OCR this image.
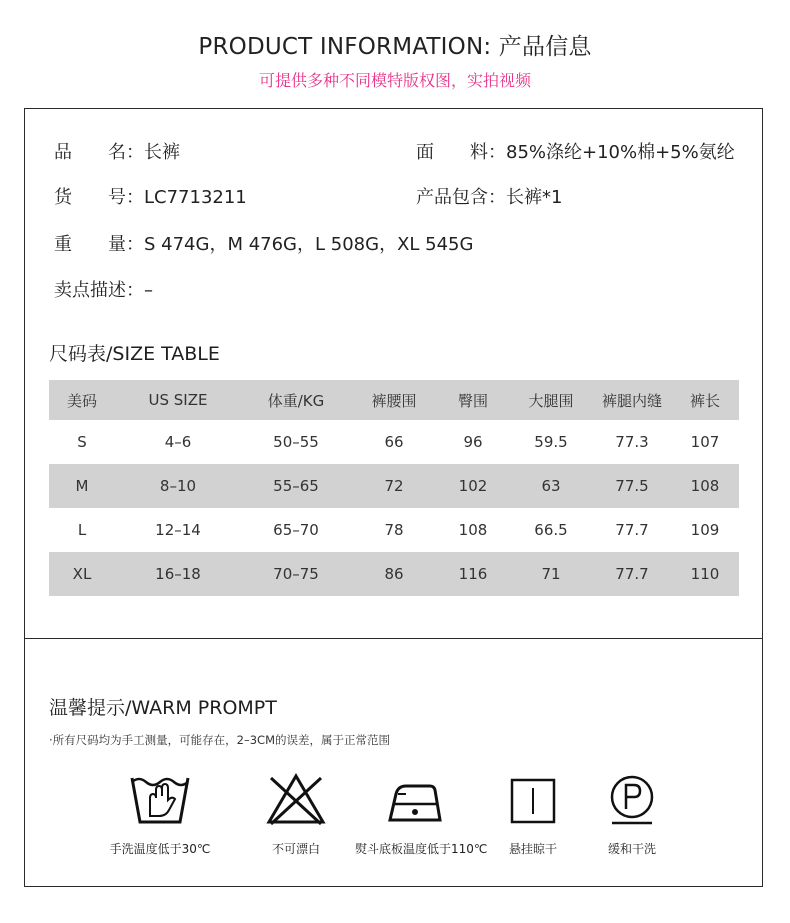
PRODUCT INFORMATION: 产品信息
可提供多种不同模特版权图，实拍视频
品　　名：长裤	面　　料：85%涤纶+10%棉+5%氨纶
货　　号：LC7713211	产品包含：长裤*1
重　　量：S 474G，M 476G，L 508G，XL 545G
卖点描述：–
尺码表/SIZE TABLE
美码	US SIZE	体重/KG	裤腰围	臀围	大腿围	裤腿内缝	裤长
S	4–6	50–55	66	96	59.5	77.3	107
M	8–10	55–65	72	102	63	77.5	108
L	12–14	65–70	78	108	66.5	77.7	109
XL	16–18	70–75	86	116	71	77.7	110
温馨提示/WARM PROMPT
·所有尺码均为手工测量，可能存在，2–3CM的误差，属于正常范围
手洗温度低于30℃	不可漂白	熨斗底板温度低于110℃	悬挂晾干	缓和干洗
